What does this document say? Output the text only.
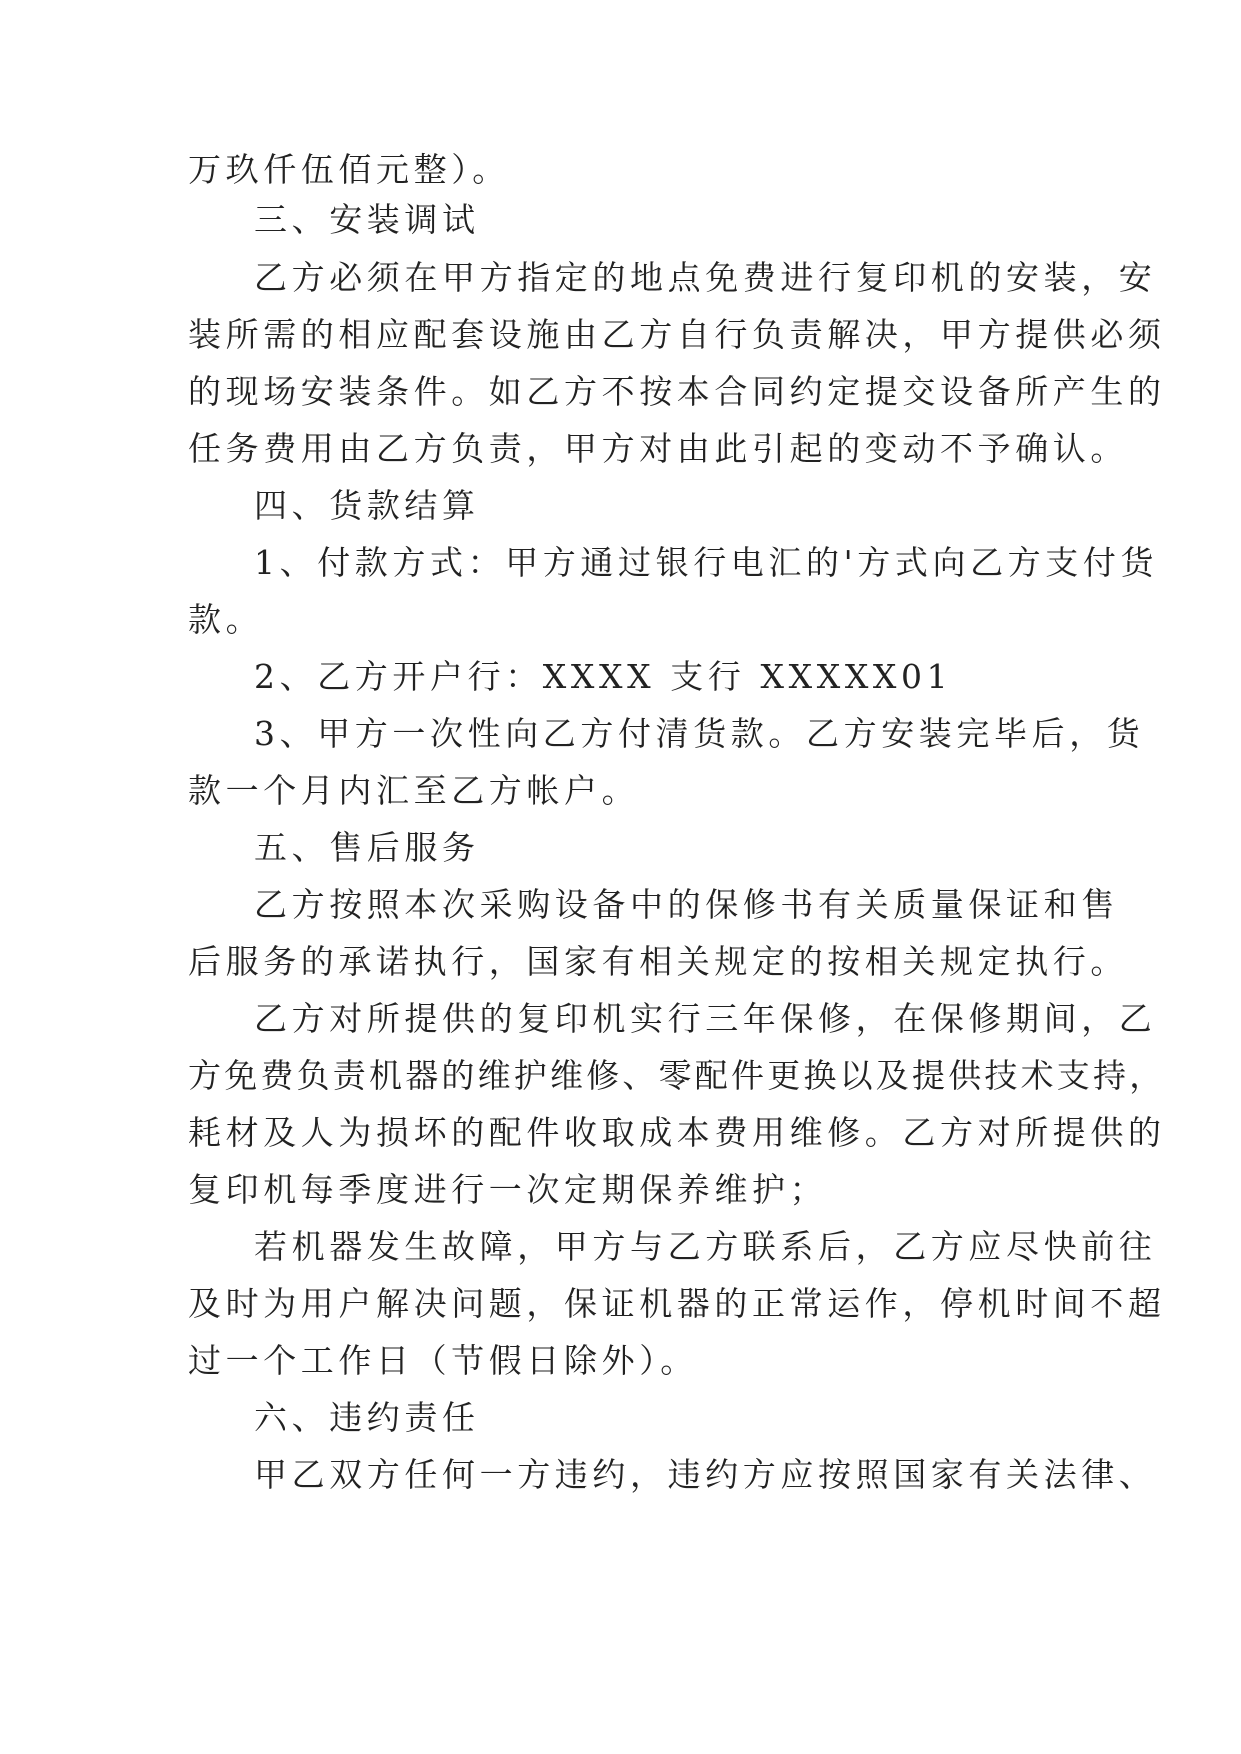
万玖仟伍佰元整）。

三、安装调试

乙方必须在甲方指定的地点免费进行复印机的安装，安

装所需的相应配套设施由乙方自行负责解决，甲方提供必须

的现场安装条件。如乙方不按本合同约定提交设备所产生的

任务费用由乙方负责，甲方对由此引起的变动不予确认。

四、货款结算

1、付款方式：甲方通过银行电汇的'方式向乙方支付货

款。

2、乙方开户行：XXXX 支行 XXXXX01

3、甲方一次性向乙方付清货款。乙方安装完毕后，货

款一个月内汇至乙方帐户。

五、售后服务

乙方按照本次采购设备中的保修书有关质量保证和售

后服务的承诺执行，国家有相关规定的按相关规定执行。

乙方对所提供的复印机实行三年保修，在保修期间，乙

方免费负责机器的维护维修、零配件更换以及提供技术支持，

耗材及人为损坏的配件收取成本费用维修。乙方对所提供的

复印机每季度进行一次定期保养维护；

若机器发生故障，甲方与乙方联系后，乙方应尽快前往

及时为用户解决问题，保证机器的正常运作，停机时间不超

过一个工作日（节假日除外）。

六、违约责任

甲乙双方任何一方违约，违约方应按照国家有关法律、
